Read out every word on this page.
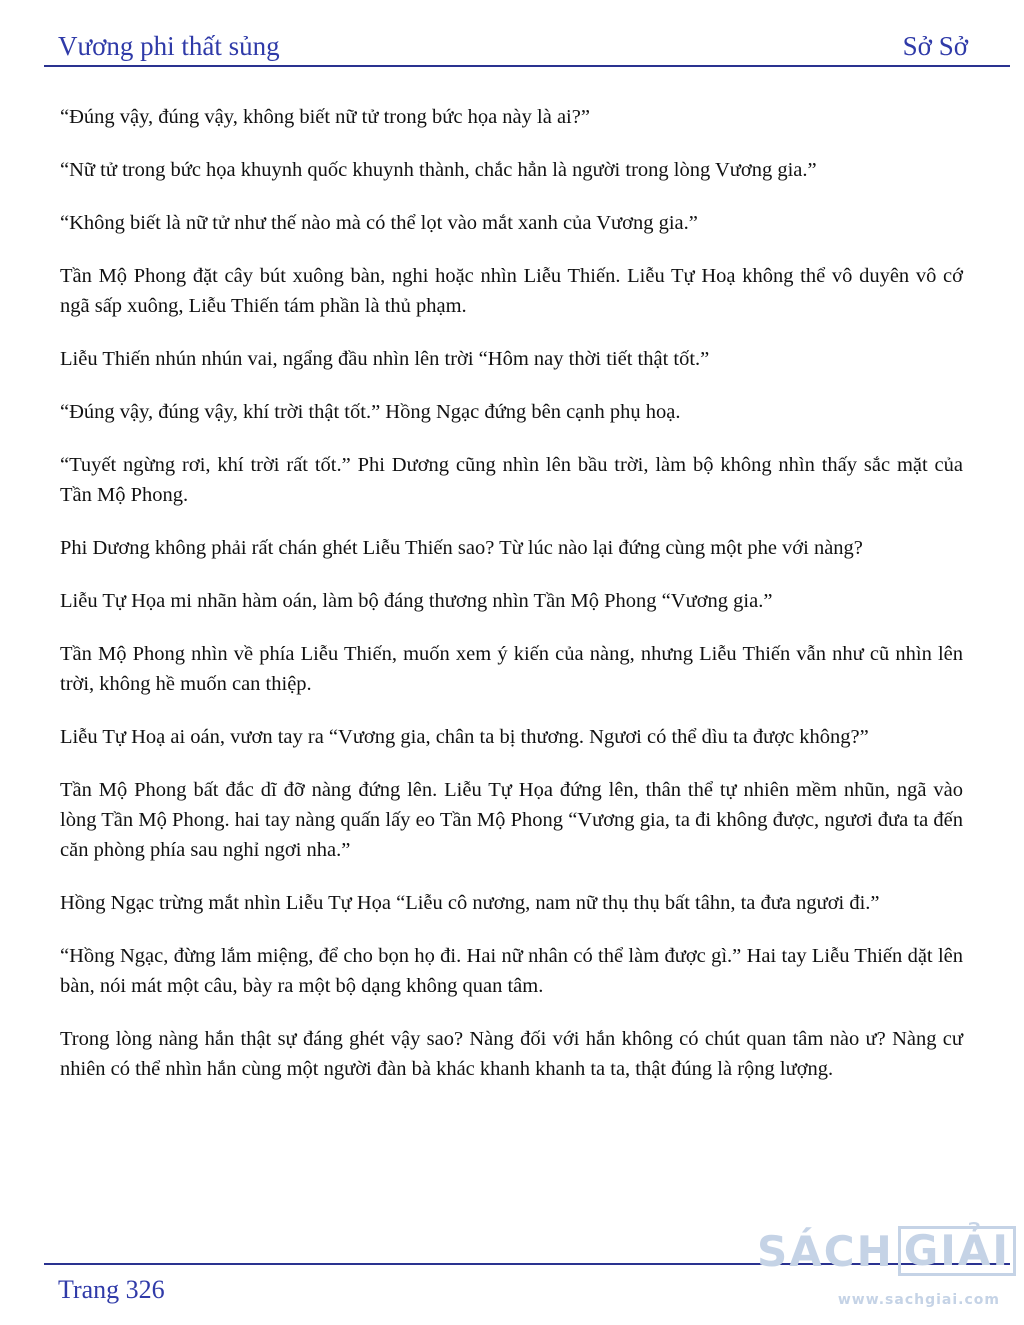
Vương phi thất sủng	Sở Sở

“Đúng vậy, đúng vậy, không biết nữ tử trong bức họa này là ai?”

“Nữ tử trong bức họa khuynh quốc khuynh thành, chắc hẳn là người trong lòng Vương gia.”

“Không biết là nữ tử như thế nào mà có thể lọt vào mắt xanh của Vương gia.”

Tần Mộ Phong đặt cây bút xuông bàn, nghi hoặc nhìn Liễu Thiến. Liễu Tự Hoạ không thể vô duyên vô cớ ngã sấp xuông, Liễu Thiến tám phần là thủ phạm.

Liễu Thiến nhún nhún vai, ngẩng đầu nhìn lên trời “Hôm nay thời tiết thật tốt.”

“Đúng vậy, đúng vậy, khí trời thật tốt.” Hồng Ngạc đứng bên cạnh phụ hoạ.

“Tuyết ngừng rơi, khí trời rất tốt.” Phi Dương cũng nhìn lên bầu trời, làm bộ không nhìn thấy sắc mặt của Tần Mộ Phong.

Phi Dương không phải rất chán ghét Liễu Thiến sao? Từ lúc nào lại đứng cùng một phe với nàng?

Liễu Tự Họa mi nhãn hàm oán, làm bộ đáng thương nhìn Tần Mộ Phong “Vương gia.”

Tần Mộ Phong nhìn về phía Liễu Thiến, muốn xem ý kiến của nàng, nhưng Liễu Thiến vẫn như cũ nhìn lên trời, không hề muốn can thiệp.

Liễu Tự Hoạ ai oán, vươn tay ra “Vương gia, chân ta bị thương. Ngươi có thể dìu ta được không?”

Tần Mộ Phong bất đắc dĩ đỡ nàng đứng lên. Liễu Tự Họa đứng lên, thân thể tự nhiên mềm nhũn, ngã vào lòng Tần Mộ Phong. hai tay nàng quấn lấy eo Tần Mộ Phong “Vương gia, ta đi không được, ngươi đưa ta đến căn phòng phía sau nghỉ ngơi nha.”

Hồng Ngạc trừng mắt nhìn Liễu Tự Họa “Liễu cô nương, nam nữ thụ thụ bất tâhn, ta đưa ngươi đi.”

“Hồng Ngạc, đừng lắm miệng, để cho bọn họ đi. Hai nữ nhân có thể làm được gì.” Hai tay Liễu Thiến dặt lên bàn, nói mát một câu, bày ra một bộ dạng không quan tâm.

Trong lòng nàng hắn thật sự đáng ghét vậy sao? Nàng đối với hắn không có chút quan tâm nào ư? Nàng cư nhiên có thể nhìn hắn cùng một người đàn bà khác khanh khanh ta ta, thật đúng là rộng lượng.

Trang 326
SÁCH GIẢI
www.sachgiai.com
